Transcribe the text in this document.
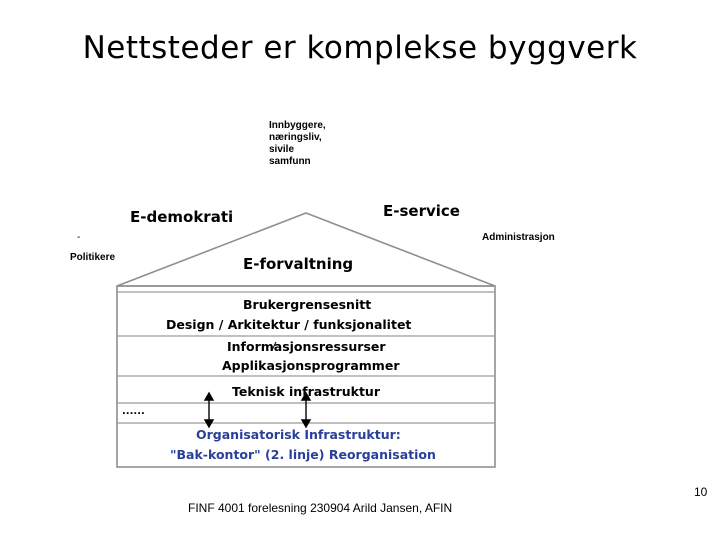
Nettsteder er komplekse byggverk
Innbyggere,
næringsliv,
sivile
samfunn
-
Politikere
Administrasjon
E-demokrati	E-service
E-forvaltning
Brukergrensesnitt
Design / Arkitektur / funksjonalitet
Informasjonsressurser
Applikasjonsprogrammer
Teknisk infrastruktur
......
Organisatorisk Infrastruktur:
"Bak-kontor" (2. linje) Reorganisation
FINF 4001 forelesning 230904 Arild Jansen, AFIN
10
